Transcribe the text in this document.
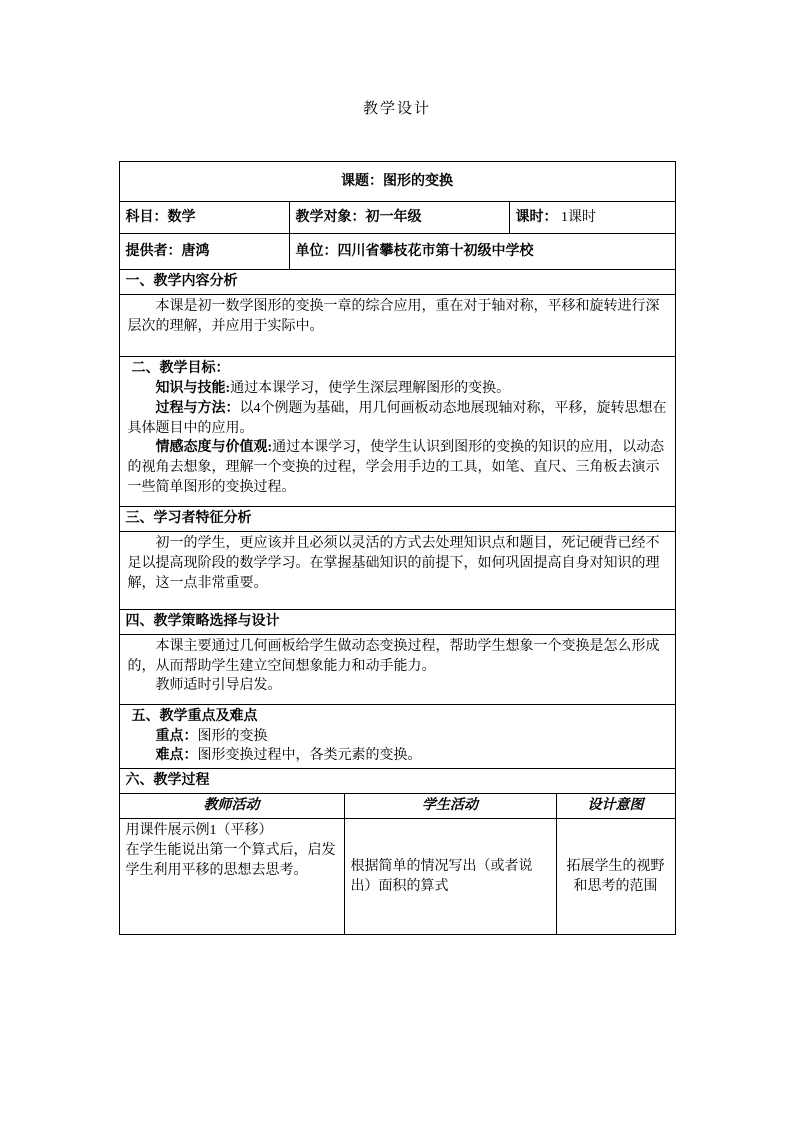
教学设计
课题：图形的变换				
科目：数学	教学对象：初一年级		课时： 1课时	
提供者：唐鸿	单位：四川省攀枝花市第十初级中学校			
一、教学内容分析				

本课是初一数学图形的变换一章的综合应用，重在对于轴对称，平移和旋转进行深层次的理解，并应用于实际中。				

二、教学目标：

知识与技能:通过本课学习，使学生深层理解图形的变换。

过程与方法：以4个例题为基础，用几何画板动态地展现轴对称，平移，旋转思想在具体题目中的应用。

情感态度与价值观:通过本课学习，使学生认识到图形的变换的知识的应用，以动态的视角去想象，理解一个变换的过程，学会用手边的工具，如笔、直尺、三角板去演示一些简单图形的变换过程。				

三、学习者特征分析				

初一的学生，更应该并且必须以灵活的方式去处理知识点和题目，死记硬背已经不足以提高现阶段的数学学习。在掌握基础知识的前提下，如何巩固提高自身对知识的理解，这一点非常重要。				

四、教学策略选择与设计				

本课主要通过几何画板给学生做动态变换过程，帮助学生想象一个变换是怎么形成的，从而帮助学生建立空间想象能力和动手能力。

教师适时引导启发。				

五、教学重点及难点

重点：图形的变换

难点：图形变换过程中，各类元素的变换。				

六、教学过程				
教师活动		学生活动		设计意图

用课件展示例1（平移）

在学生能说出第一个算式后，启发学生利用平移的思想去思考。		根据简单的情况写出（或者说出）面积的算式		拓展学生的视野和思考的范围
